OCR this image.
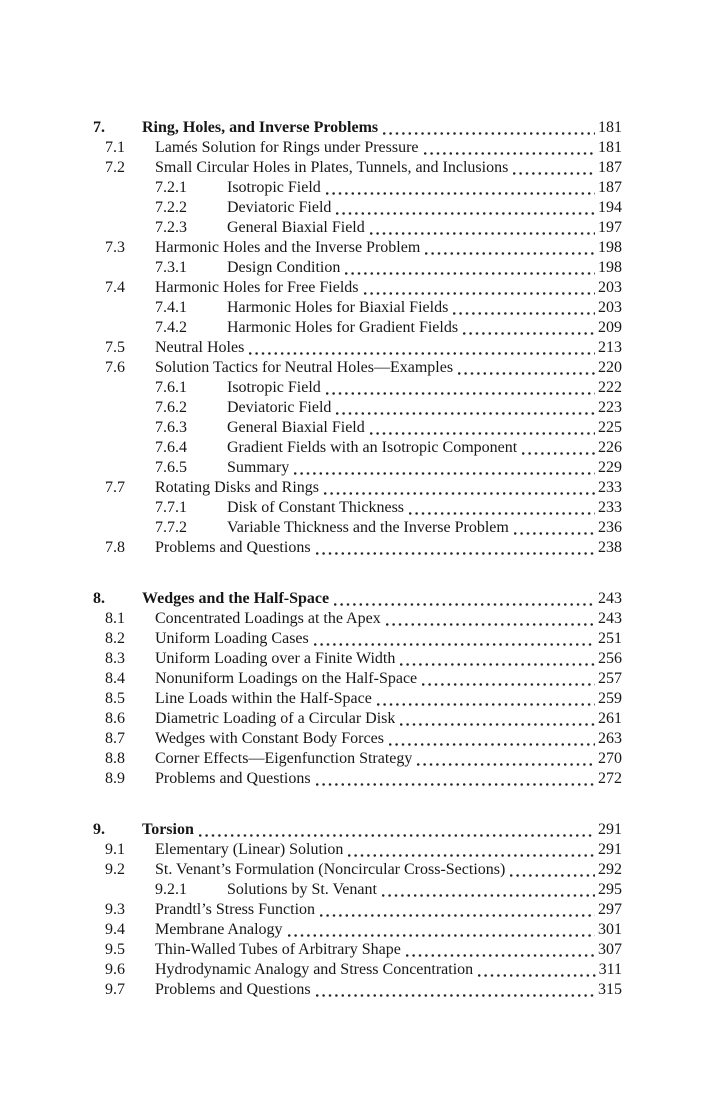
7.	Ring, Holes, and Inverse Problems	181
7.1	Lamés Solution for Rings under Pressure	181
7.2	Small Circular Holes in Plates, Tunnels, and Inclusions	187
7.2.1	Isotropic Field	187
7.2.2	Deviatoric Field	194
7.2.3	General Biaxial Field	197
7.3	Harmonic Holes and the Inverse Problem	198
7.3.1	Design Condition	198
7.4	Harmonic Holes for Free Fields	203
7.4.1	Harmonic Holes for Biaxial Fields	203
7.4.2	Harmonic Holes for Gradient Fields	209
7.5	Neutral Holes	213
7.6	Solution Tactics for Neutral Holes—Examples	220
7.6.1	Isotropic Field	222
7.6.2	Deviatoric Field	223
7.6.3	General Biaxial Field	225
7.6.4	Gradient Fields with an Isotropic Component	226
7.6.5	Summary	229
7.7	Rotating Disks and Rings	233
7.7.1	Disk of Constant Thickness	233
7.7.2	Variable Thickness and the Inverse Problem	236
7.8	Problems and Questions	238
8.	Wedges and the Half-Space	243
8.1	Concentrated Loadings at the Apex	243
8.2	Uniform Loading Cases	251
8.3	Uniform Loading over a Finite Width	256
8.4	Nonuniform Loadings on the Half-Space	257
8.5	Line Loads within the Half-Space	259
8.6	Diametric Loading of a Circular Disk	261
8.7	Wedges with Constant Body Forces	263
8.8	Corner Effects—Eigenfunction Strategy	270
8.9	Problems and Questions	272
9.	Torsion	291
9.1	Elementary (Linear) Solution	291
9.2	St. Venant’s Formulation (Noncircular Cross-Sections)	292
9.2.1	Solutions by St. Venant	295
9.3	Prandtl’s Stress Function	297
9.4	Membrane Analogy	301
9.5	Thin-Walled Tubes of Arbitrary Shape	307
9.6	Hydrodynamic Analogy and Stress Concentration	311
9.7	Problems and Questions	315
